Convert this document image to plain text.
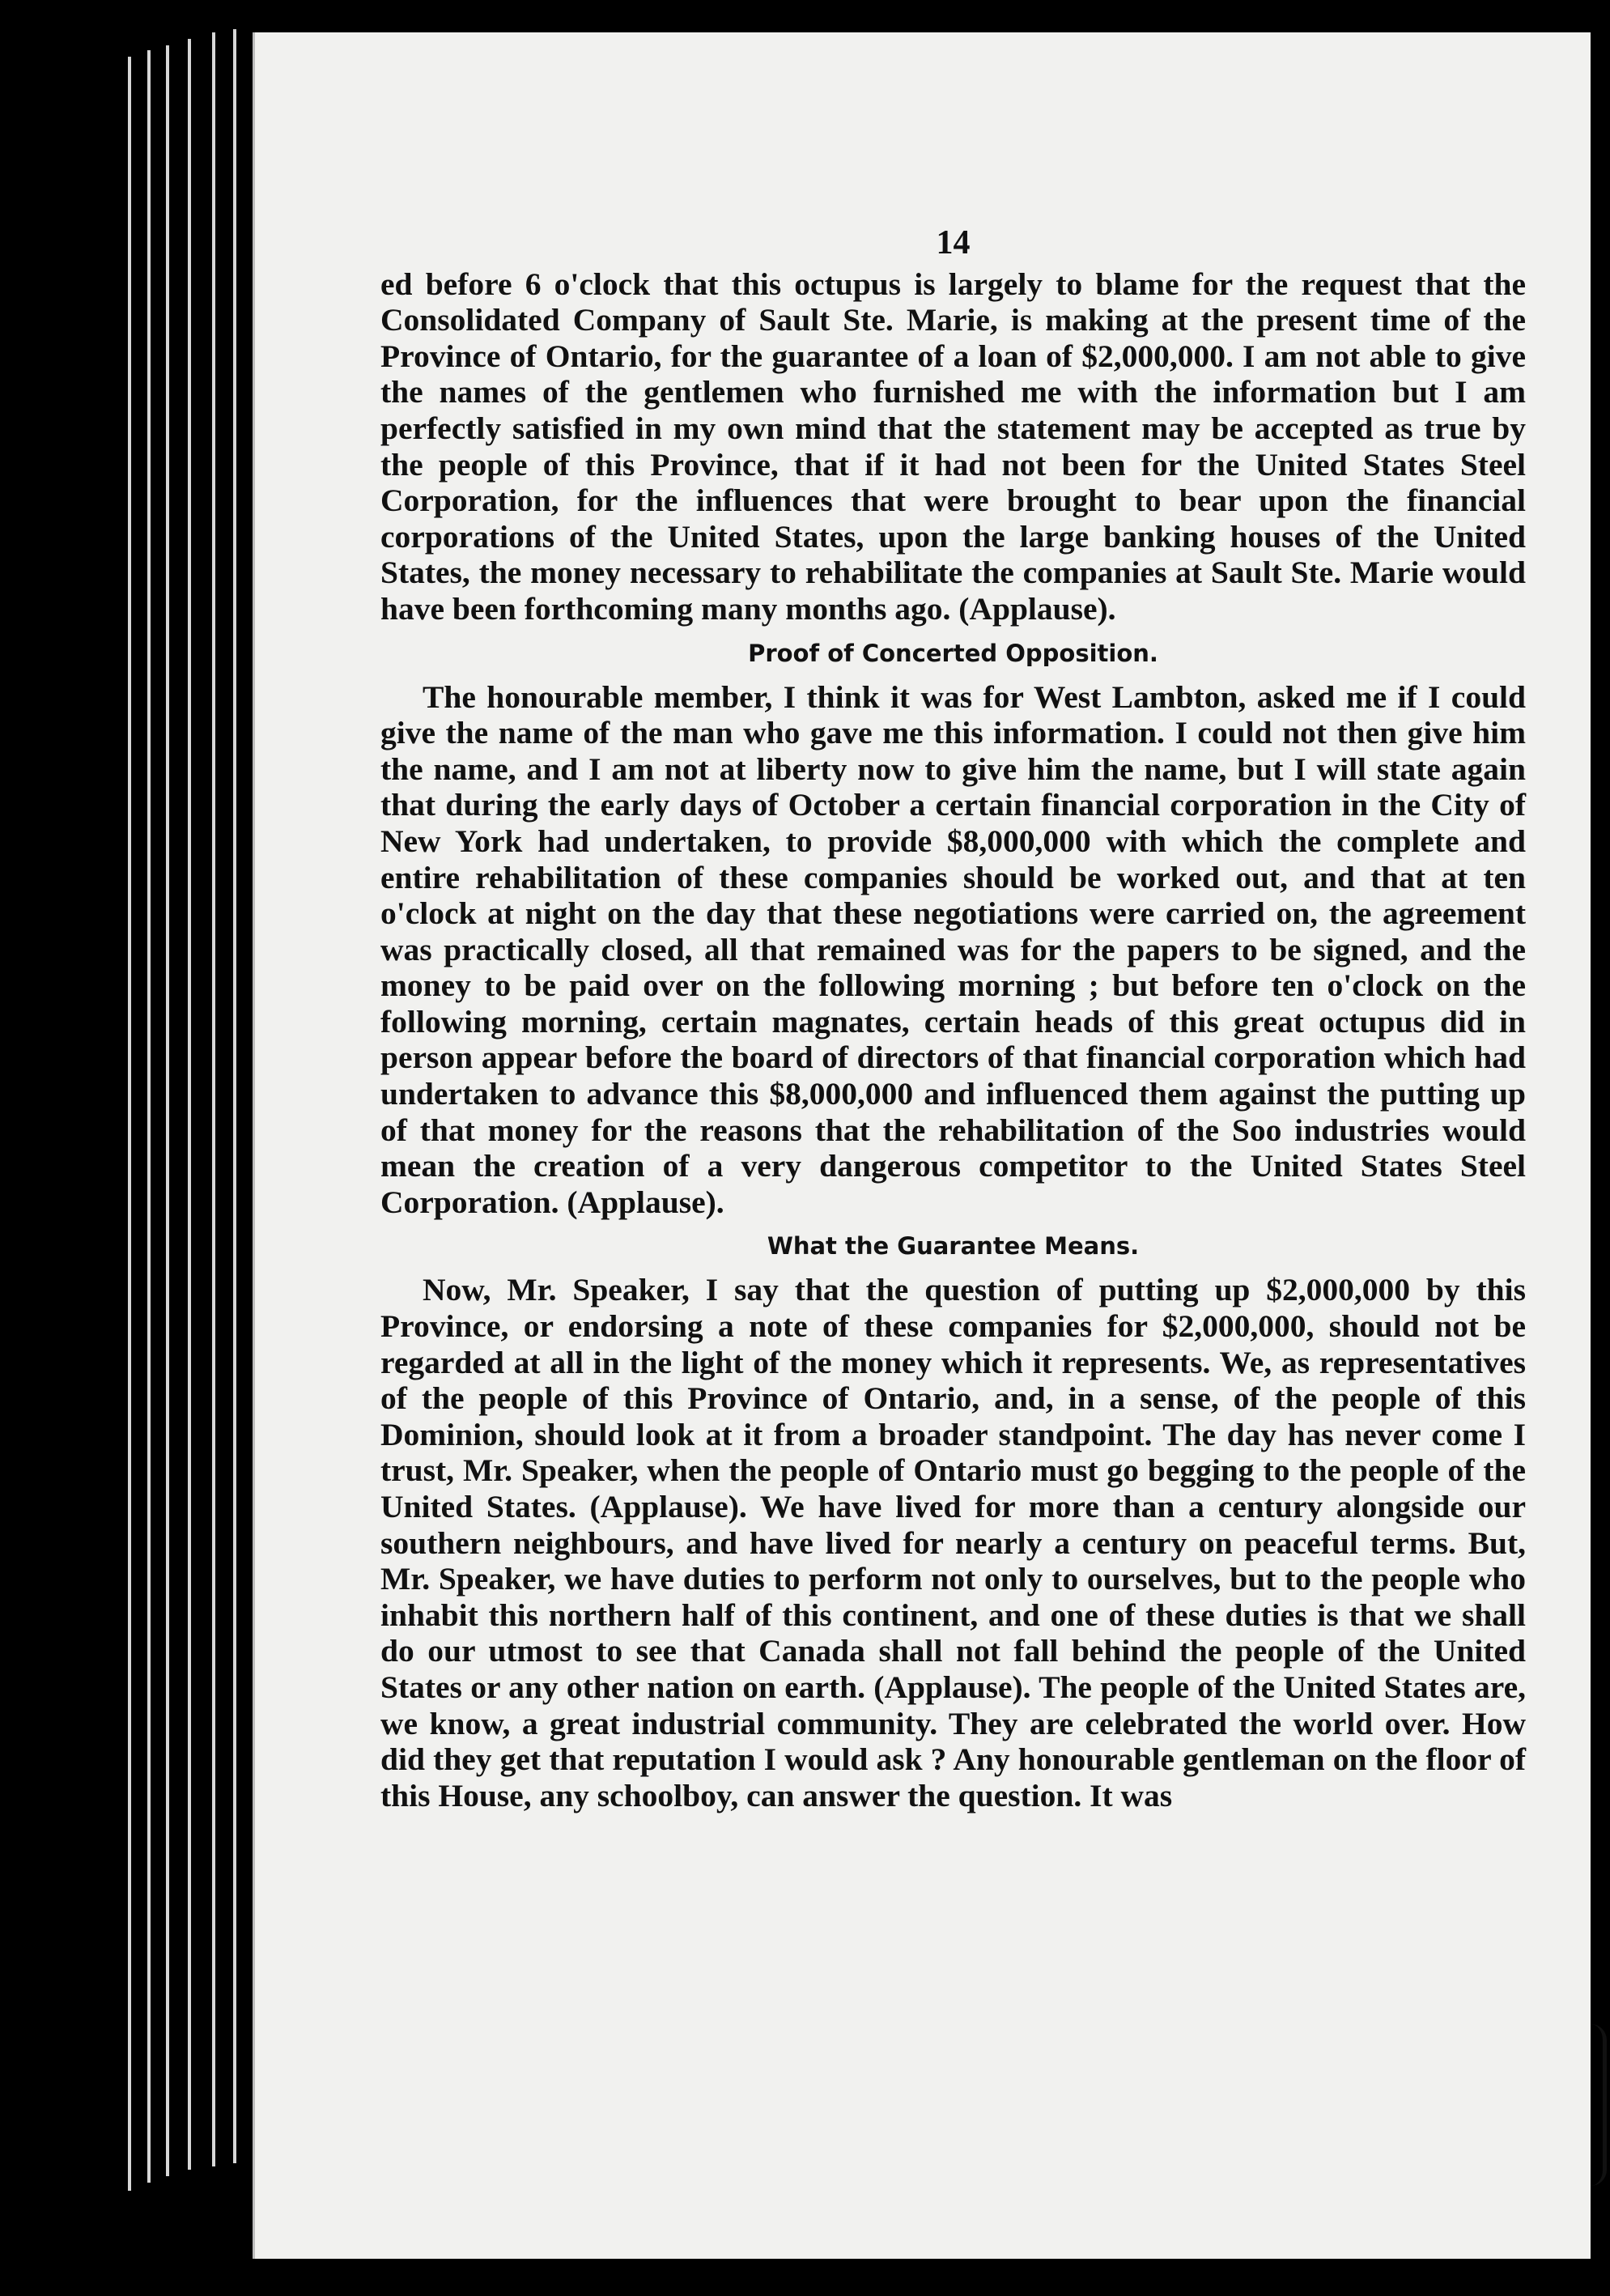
14

ed before 6 o'clock that this octupus is largely to blame for the request that the Consolidated Company of Sault Ste. Marie, is making at the present time of the Province of Ontario, for the guarantee of a loan of $2,000,000. I am not able to give the names of the gentlemen who furnished me with the information but I am perfectly satisfied in my own mind that the statement may be accepted as true by the people of this Province, that if it had not been for the United States Steel Corporation, for the influences that were brought to bear upon the financial corporations of the United States, upon the large banking houses of the United States, the money necessary to rehabilitate the companies at Sault Ste. Marie would have been forthcoming many months ago. (Applause).

Proof of Concerted Opposition.

The honourable member, I think it was for West Lambton, asked me if I could give the name of the man who gave me this information. I could not then give him the name, and I am not at liberty now to give him the name, but I will state again that during the early days of October a certain financial corporation in the City of New York had undertaken, to provide $8,000,000 with which the complete and entire rehabilitation of these companies should be worked out, and that at ten o'clock at night on the day that these negotiations were carried on, the agreement was practically closed, all that remained was for the papers to be signed, and the money to be paid over on the following morning ; but before ten o'clock on the following morning, certain magnates, certain heads of this great octupus did in person appear before the board of directors of that financial corporation which had undertaken to advance this $8,000,000 and influenced them against the putting up of that money for the reasons that the rehabilitation of the Soo industries would mean the creation of a very dangerous competitor to the United States Steel Corporation. (Applause).

What the Guarantee Means.

Now, Mr. Speaker, I say that the question of putting up $2,000,000 by this Province, or endorsing a note of these companies for $2,000,000, should not be regarded at all in the light of the money which it represents. We, as representatives of the people of this Province of Ontario, and, in a sense, of the people of this Dominion, should look at it from a broader standpoint. The day has never come I trust, Mr. Speaker, when the people of Ontario must go begging to the people of the United States. (Applause). We have lived for more than a century alongside our southern neighbours, and have lived for nearly a century on peaceful terms. But, Mr. Speaker, we have duties to perform not only to ourselves, but to the people who inhabit this northern half of this continent, and one of these duties is that we shall do our utmost to see that Canada shall not fall behind the people of the United States or any other nation on earth. (Applause). The people of the United States are, we know, a great industrial community. They are celebrated the world over. How did they get that reputation I would ask ? Any honourable gentleman on the floor of this House, any schoolboy, can answer the question. It was
